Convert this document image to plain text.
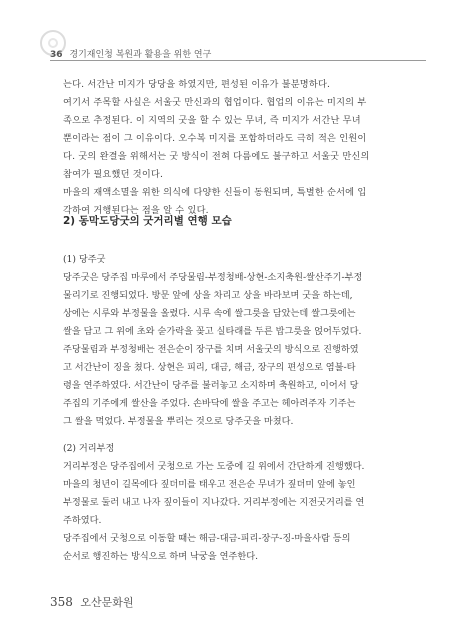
36 경기재인청 복원과 활용을 위한 연구

는다. 서간난 미지가 당당을 하였지만, 편성된 이유가 불분명하다.

여기서 주목할 사실은 서울굿 만신과의 협업이다. 협업의 이유는 미지의 부

족으로 추정된다. 이 지역의 굿을 할 수 있는 무녀, 즉 미지가 서간난 무녀

뿐이라는 점이 그 이유이다. 오수복 미지를 포함하더라도 극히 적은 인원이

다. 굿의 완결을 위해서는 굿 방식이 전혀 다름에도 불구하고 서울굿 만신의

참여가 필요했던 것이다.

마을의 재액소멸을 위한 의식에 다양한 신들이 동원되며, 특별한 순서에 입

각하여 거행된다는 점을 알 수 있다.

2) 동막도당굿의 굿거리별 연행 모습

(1) 당주굿

당주굿은 당주집 마루에서 주당물림-부정청배-상현-소지축원-쌀산주기-부정

물리기로 진행되었다. 방문 앞에 상을 차리고 상을 바라보며 굿을 하는데,

상에는 시루와 부정물을 올렸다. 시루 속에 쌀그릇을 담았는데 쌀그릇에는

쌀을 담고 그 위에 초와 숟가락을 꽂고 실타래를 두른 밥그릇을 얹어두었다.

주당물림과 부정청배는 전은순이 장구를 치며 서울굿의 방식으로 진행하였

고 서간난이 징을 쳤다. 상현은 피리, 대금, 해금, 장구의 편성으로 염불-타

령을 연주하였다. 서간난이 당주를 불러놓고 소지하며 축원하고, 이어서 당

주집의 기주에게 쌀산을 주었다. 손바닥에 쌀을 주고는 헤아려주자 기주는

그 쌀을 먹었다. 부정물을 뿌리는 것으로 당주굿을 마쳤다.

(2) 거리부정

거리부정은 당주집에서 굿청으로 가는 도중에 길 위에서 간단하게 진행했다.

마을의 청년이 길목에다 짚더미를 태우고 전은순 무녀가 짚더미 앞에 놓인

부정물로 둘러 내고 나자 짚이들이 지나갔다. 거리부정에는 지전굿거리를 연

주하였다.

당주집에서 굿청으로 이동할 때는 해금-대금-피리-장구-징-마을사람 등의

순서로 행진하는 방식으로 하며 낙궁을 연주한다.

358 오산문화원
